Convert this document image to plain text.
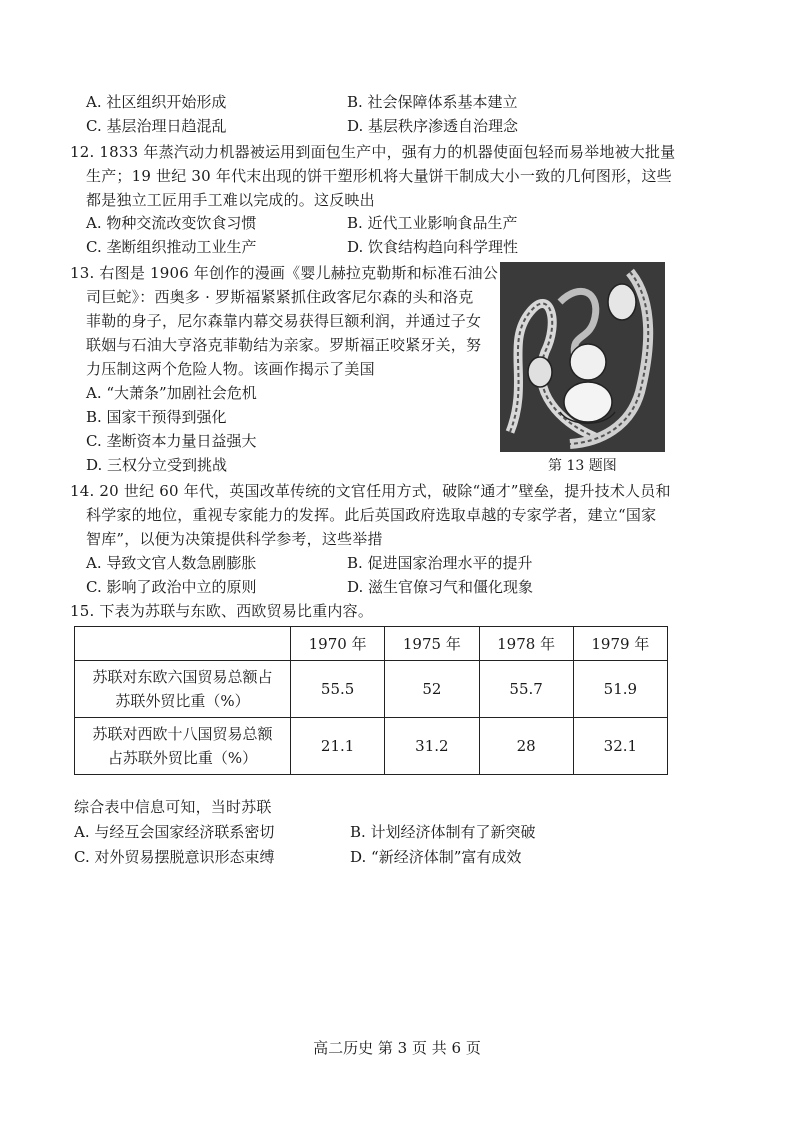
A. 社区组织开始形成	B. 社会保障体系基本建立
C. 基层治理日趋混乱	D. 基层秩序渗透自治理念
12. 1833 年蒸汽动力机器被运用到面包生产中，强有力的机器使面包轻而易举地被大批量
生产；19 世纪 30 年代末出现的饼干塑形机将大量饼干制成大小一致的几何图形，这些
都是独立工匠用手工难以完成的。这反映出
A. 物种交流改变饮食习惯	B. 近代工业影响食品生产
C. 垄断组织推动工业生产	D. 饮食结构趋向科学理性
13. 右图是 1906 年创作的漫画《婴儿赫拉克勒斯和标准石油公
司巨蛇》：西奥多 · 罗斯福紧紧抓住政客尼尔森的头和洛克
菲勒的身子，尼尔森靠内幕交易获得巨额利润，并通过子女
联姻与石油大亨洛克菲勒结为亲家。罗斯福正咬紧牙关，努
力压制这两个危险人物。该画作揭示了美国
A. “大萧条”加剧社会危机
B. 国家干预得到强化
C. 垄断资本力量日益强大
D. 三权分立受到挑战	第 13 题图
14. 20 世纪 60 年代，英国改革传统的文官任用方式，破除“通才”壁垒，提升技术人员和
科学家的地位，重视专家能力的发挥。此后英国政府选取卓越的专家学者，建立“国家
智库”，以便为决策提供科学参考，这些举措
A. 导致文官人数急剧膨胀	B. 促进国家治理水平的提升
C. 影响了政治中立的原则	D. 滋生官僚习气和僵化现象
15. 下表为苏联与东欧、西欧贸易比重内容。
	1970 年	1975 年	1978 年	1979 年

苏联对东欧六国贸易总额占
苏联外贸比重（%）	55.5	52	55.7	51.9

苏联对西欧十八国贸易总额
占苏联外贸比重（%）	21.1	31.2	28	32.1
综合表中信息可知，当时苏联
A. 与经互会国家经济联系密切	B. 计划经济体制有了新突破
C. 对外贸易摆脱意识形态束缚	D. “新经济体制”富有成效
高二历史 第 3 页 共 6 页
